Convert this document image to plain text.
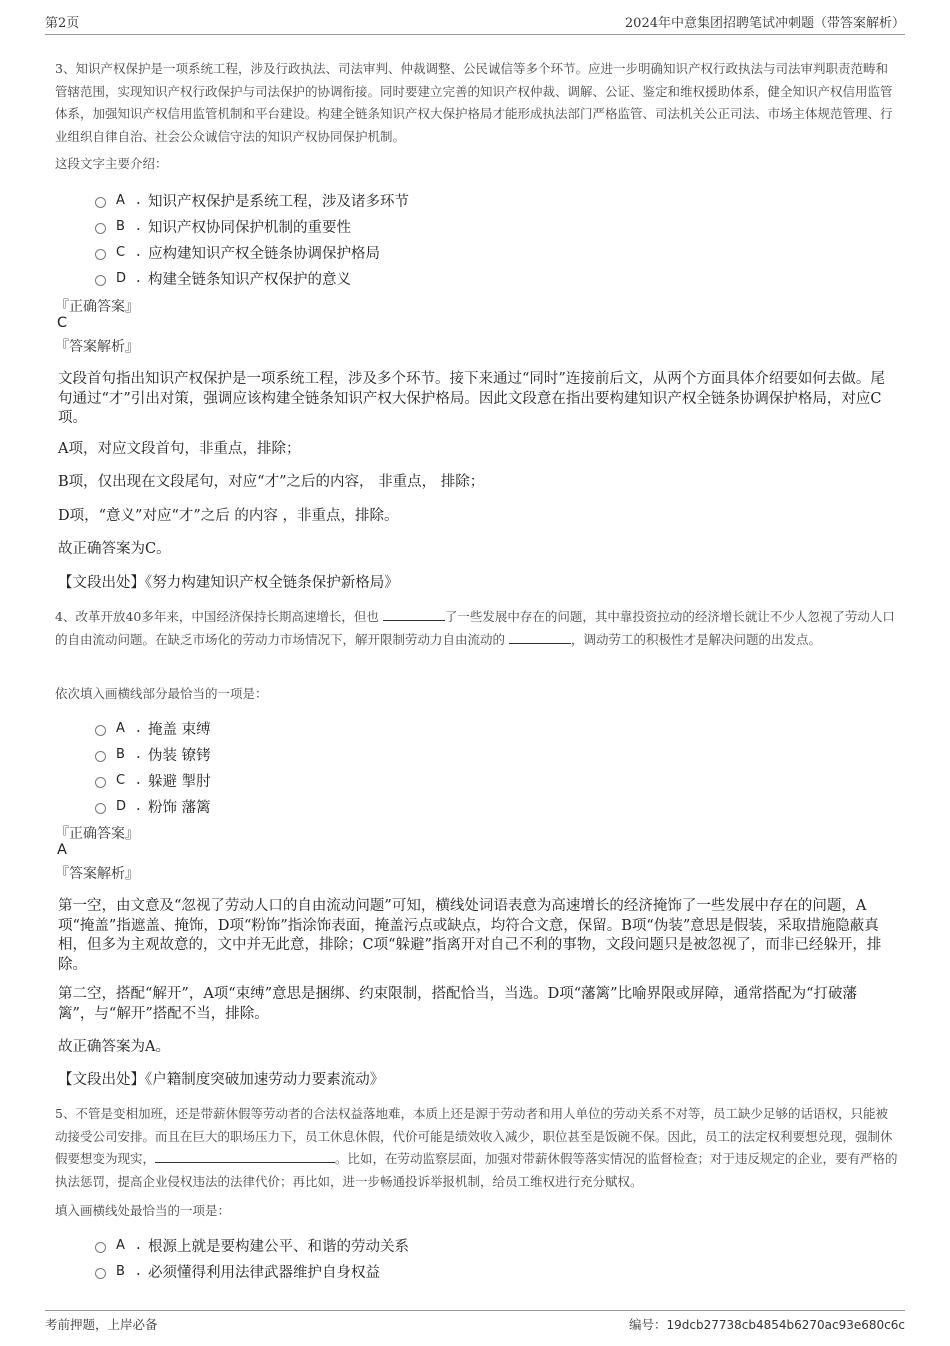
第2页	2024年中意集团招聘笔试冲刺题（带答案解析）
3、知识产权保护是一项系统工程，涉及行政执法、司法审判、仲裁调整、公民诚信等多个环节。应进一步明确知识产权行政执法与司法审判职责范畴和管辖范围，实现知识产权行政保护与司法保护的协调衔接。同时要建立完善的知识产权仲裁、调解、公证、鉴定和维权援助体系，健全知识产权信用监管体系，加强知识产权信用监管机制和平台建设。构建全链条知识产权大保护格局才能形成执法部门严格监管、司法机关公正司法、市场主体规范管理、行业组织自律自治、社会公众诚信守法的知识产权协同保护机制。
这段文字主要介绍：
A . 知识产权保护是系统工程，涉及诸多环节
B . 知识产权协同保护机制的重要性
C . 应构建知识产权全链条协调保护格局
D . 构建全链条知识产权保护的意义
『正确答案』
C
『答案解析』
文段首句指出知识产权保护是一项系统工程，涉及多个环节。接下来通过“同时”连接前后文，从两个方面具体介绍要如何去做。尾句通过“才”引出对策，强调应该构建全链条知识产权大保护格局。因此文段意在指出要构建知识产权全链条协调保护格局，对应C项。
A项，对应文段首句，非重点，排除；
B项，仅出现在文段尾句，对应“才”之后的内容， 非重点， 排除；
D项，“意义”对应“才”之后 的内容 ，非重点，排除。
故正确答案为C。
【文段出处】《努力构建知识产权全链条保护新格局》
4、改革开放40多年来，中国经济保持长期高速增长，但也	了一些发展中存在的问题，其中靠投资拉动的经济增长就让不少人忽视了劳动人口的自由流动问题。在缺乏市场化的劳动力市场情况下，解开限制劳动力自由流动的	，调动劳工的积极性才是解决问题的出发点。
依次填入画横线部分最恰当的一项是：
A . 掩盖 束缚
B . 伪装 镣铐
C . 躲避 掣肘
D . 粉饰 藩篱
『正确答案』
A
『答案解析』
第一空，由文意及“忽视了劳动人口的自由流动问题”可知，横线处词语表意为高速增长的经济掩饰了一些发展中存在的问题，A项“掩盖”指遮盖、掩饰，D项“粉饰”指涂饰表面，掩盖污点或缺点，均符合文意，保留。B项“伪装”意思是假装，采取措施隐蔽真相，但多为主观故意的，文中并无此意，排除；C项“躲避”指离开对自己不利的事物，文段问题只是被忽视了，而非已经躲开，排除。
第二空，搭配“解开”，A项“束缚”意思是捆绑、约束限制，搭配恰当，当选。D项“藩篱”比喻界限或屏障，通常搭配为“打破藩篱”，与“解开”搭配不当，排除。
故正确答案为A。
【文段出处】《户籍制度突破加速劳动力要素流动》
5、不管是变相加班，还是带薪休假等劳动者的合法权益落地难，本质上还是源于劳动者和用人单位的劳动关系不对等，员工缺少足够的话语权，只能被动接受公司安排。而且在巨大的职场压力下，员工休息休假，代价可能是绩效收入减少，职位甚至是饭碗不保。因此，员工的法定权利要想兑现，强制休假要想变为现实，	。比如，在劳动监察层面，加强对带薪休假等落实情况的监督检查；对于违反规定的企业，要有严格的执法惩罚，提高企业侵权违法的法律代价；再比如，进一步畅通投诉举报机制，给员工维权进行充分赋权。
填入画横线处最恰当的一项是：
A . 根源上就是要构建公平、和谐的劳动关系
B . 必须懂得利用法律武器维护自身权益
考前押题，上岸必备	编号：19dcb27738cb4854b6270ac93e680c6c
